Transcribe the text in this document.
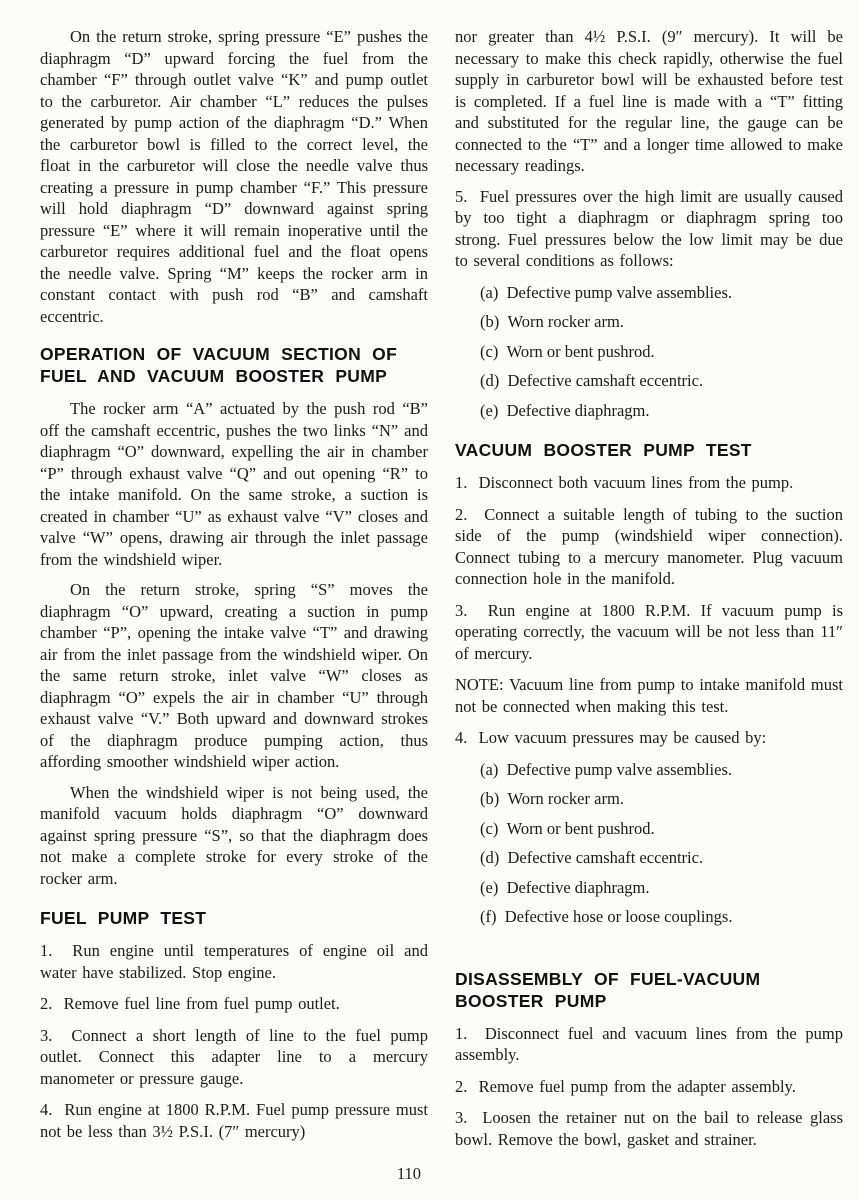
On the return stroke, spring pressure “E” pushes the diaphragm “D” upward forcing the fuel from the chamber “F” through outlet valve “K” and pump outlet to the carburetor. Air chamber “L” reduces the pulses generated by pump action of the diaphragm “D.” When the carburetor bowl is filled to the correct level, the float in the carburetor will close the needle valve thus creating a pressure in pump chamber “F.” This pressure will hold diaphragm “D” downward against spring pressure “E” where it will remain inoperative until the carburetor requires additional fuel and the float opens the needle valve. Spring “M” keeps the rocker arm in constant contact with push rod “B” and camshaft eccentric.

OPERATION OF VACUUM SECTION OF
FUEL AND VACUUM BOOSTER PUMP

The rocker arm “A” actuated by the push rod “B” off the camshaft eccentric, pushes the two links “N” and diaphragm “O” downward, expelling the air in chamber “P” through exhaust valve “Q” and out opening “R” to the intake manifold. On the same stroke, a suction is created in chamber “U” as exhaust valve “V” closes and valve “W” opens, drawing air through the inlet passage from the windshield wiper.

On the return stroke, spring “S” moves the diaphragm “O” upward, creating a suction in pump chamber “P”, opening the intake valve “T” and drawing air from the inlet passage from the windshield wiper. On the same return stroke, inlet valve “W” closes as diaphragm “O” expels the air in chamber “U” through exhaust valve “V.” Both upward and downward strokes of the diaphragm produce pumping action, thus affording smoother windshield wiper action.

When the windshield wiper is not being used, the manifold vacuum holds diaphragm “O” downward against spring pressure “S”, so that the diaphragm does not make a complete stroke for every stroke of the rocker arm.

FUEL PUMP TEST

1.  Run engine until temperatures of engine oil and water have stabilized. Stop engine.

2.  Remove fuel line from fuel pump outlet.

3.  Connect a short length of line to the fuel pump outlet. Connect this adapter line to a mercury manometer or pressure gauge.

4.  Run engine at 1800 R.P.M. Fuel pump pressure must not be less than 3½ P.S.I. (7″ mercury)

nor greater than 4½ P.S.I. (9″ mercury). It will be necessary to make this check rapidly, otherwise the fuel supply in carburetor bowl will be exhausted before test is completed. If a fuel line is made with a “T” fitting and substituted for the regular line, the gauge can be connected to the “T” and a longer time allowed to make necessary readings.

5.  Fuel pressures over the high limit are usually caused by too tight a diaphragm or diaphragm spring too strong. Fuel pressures below the low limit may be due to several conditions as follows:

(a)  Defective pump valve assemblies.
(b)  Worn rocker arm.
(c)  Worn or bent pushrod.
(d)  Defective camshaft eccentric.
(e)  Defective diaphragm.
VACUUM BOOSTER PUMP TEST

1.  Disconnect both vacuum lines from the pump.

2.  Connect a suitable length of tubing to the suction side of the pump (windshield wiper connection). Connect tubing to a mercury manometer. Plug vacuum connection hole in the manifold.

3.  Run engine at 1800 R.P.M. If vacuum pump is operating correctly, the vacuum will be not less than 11″ of mercury.

NOTE: Vacuum line from pump to intake manifold must not be connected when making this test.

4.  Low vacuum pressures may be caused by:

(a)  Defective pump valve assemblies.
(b)  Worn rocker arm.
(c)  Worn or bent pushrod.
(d)  Defective camshaft eccentric.
(e)  Defective diaphragm.
(f)  Defective hose or loose couplings.
DISASSEMBLY OF FUEL-VACUUM
BOOSTER PUMP

1.  Disconnect fuel and vacuum lines from the pump assembly.

2.  Remove fuel pump from the adapter assembly.

3.  Loosen the retainer nut on the bail to release glass bowl. Remove the bowl, gasket and strainer.

110
